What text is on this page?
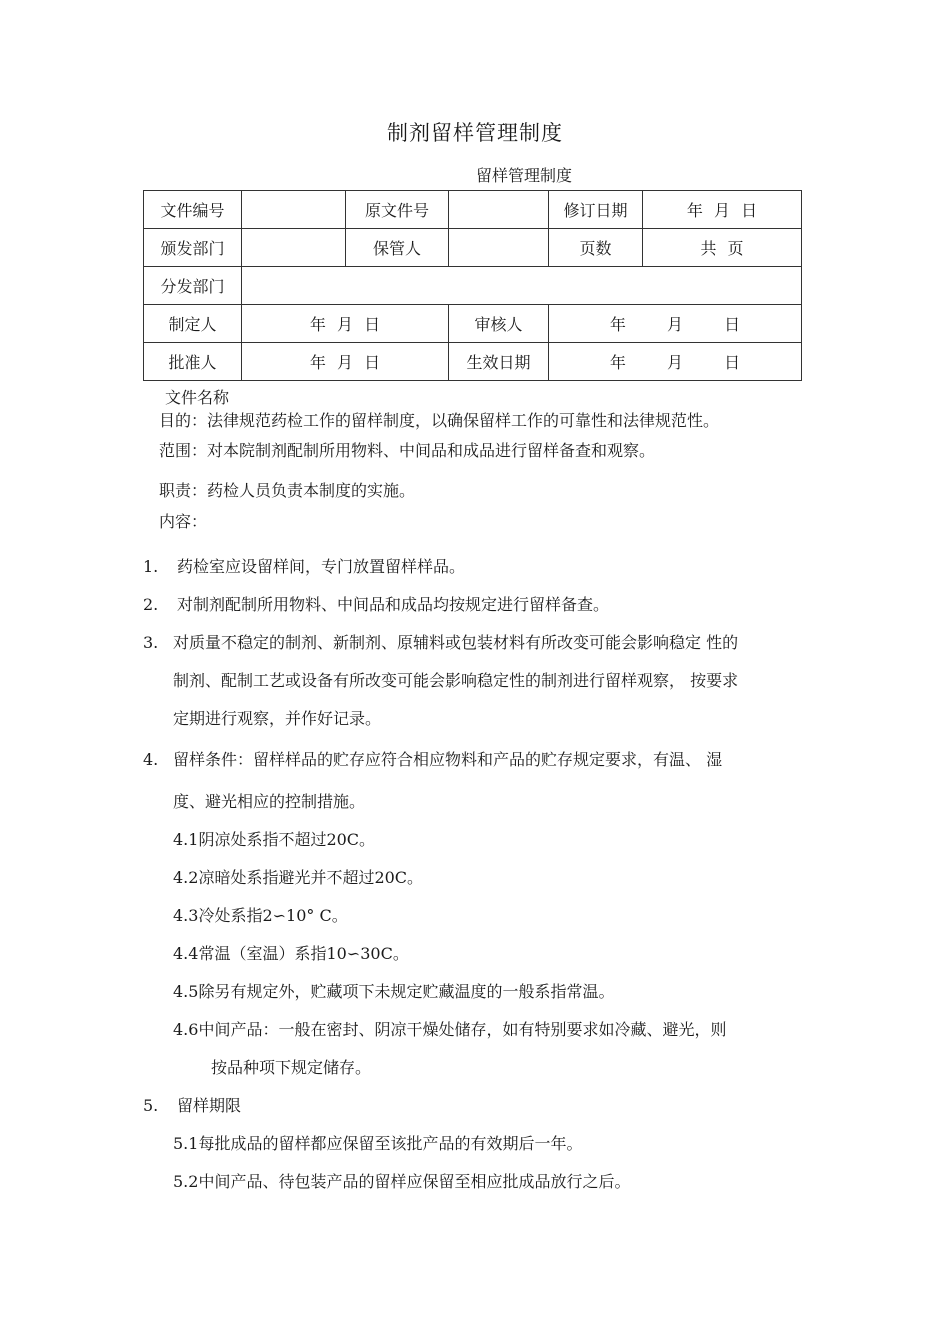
制剂留样管理制度
留样管理制度
文件编号		原文件号		修订日期	年 月 日
颁发部门		保管人		页数	共 页
分发部门					
制定人	年 月 日		审核人	年 月 日	
批准人	年 月 日		生效日期	年 月 日	
文件名称
目的：法律规范药检工作的留样制度，以确保留样工作的可靠性和法律规范性。
范围：对本院制剂配制所用物料、中间品和成品进行留样备查和观察。
职责：药检人员负责本制度的实施。
内容：
1. 药检室应设留样间，专门放置留样样品。
2. 对制剂配制所用物料、中间品和成品均按规定进行留样备查。
3. 对质量不稳定的制剂、新制剂、原辅料或包装材料有所改变可能会影响稳定 性的
制剂、配制工艺或设备有所改变可能会影响稳定性的制剂进行留样观察， 按要求
定期进行观察，并作好记录。
4. 留样条件：留样样品的贮存应符合相应物料和产品的贮存规定要求，有温、 湿
度、避光相应的控制措施。
4.1阴凉处系指不超过20C。
4.2凉暗处系指避光并不超过20C。
4.3冷处系指2∽10° C。
4.4常温（室温）系指10∽30C。
4.5除另有规定外，贮藏项下未规定贮藏温度的一般系指常温。
4.6中间产品：一般在密封、阴凉干燥处储存，如有特别要求如冷藏、避光，则
按品种项下规定储存。
5. 留样期限
5.1每批成品的留样都应保留至该批产品的有效期后一年。
5.2中间产品、待包装产品的留样应保留至相应批成品放行之后。
